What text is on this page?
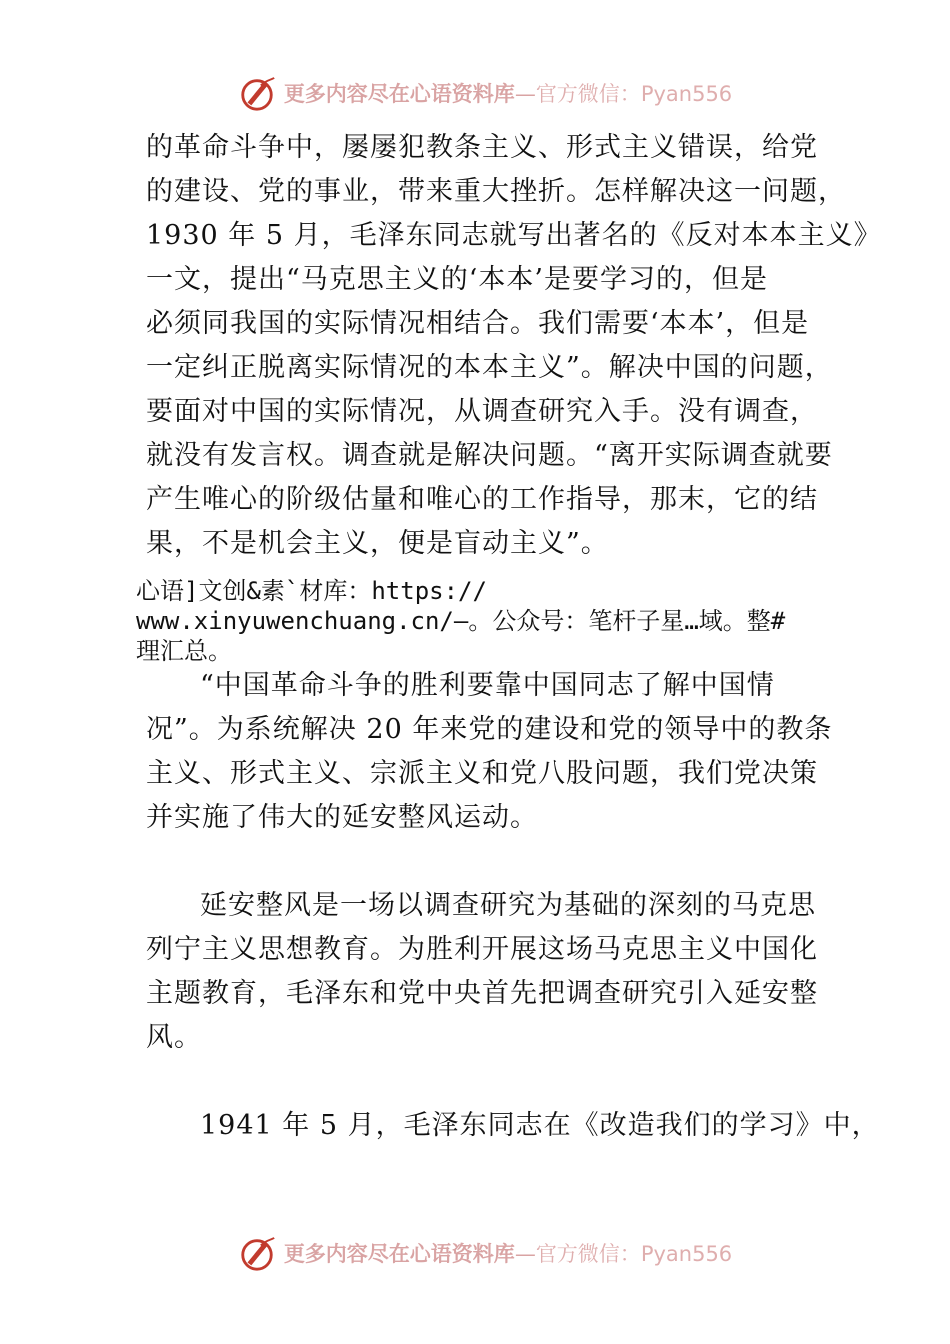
更多内容尽在心语资料库—官方微信：Pyan556
的革命斗争中，屡屡犯教条主义、形式主义错误，给党
的建设、党的事业，带来重大挫折。怎样解决这一问题，
1930 年 5 月，毛泽东同志就写出著名的《反对本本主义》
一文，提出“马克思主义的‘本本’是要学习的，但是
必须同我国的实际情况相结合。我们需要‘本本’，但是
一定纠正脱离实际情况的本本主义”。解决中国的问题，
要面对中国的实际情况，从调查研究入手。没有调查，
就没有发言权。调查就是解决问题。“离开实际调查就要
产生唯心的阶级估量和唯心的工作指导，那末，它的结
果，不是机会主义，便是盲动主义”。
心语]文创&素`材库：https://
www.xinyuwenchuang.cn/—。公众号：笔杆子星…域。整#
理汇总。
“中国革命斗争的胜利要靠中国同志了解中国情
况”。为系统解决 20 年来党的建设和党的领导中的教条
主义、形式主义、宗派主义和党八股问题，我们党决策
并实施了伟大的延安整风运动。
延安整风是一场以调查研究为基础的深刻的马克思
列宁主义思想教育。为胜利开展这场马克思主义中国化
主题教育，毛泽东和党中央首先把调查研究引入延安整
风。
1941 年 5 月，毛泽东同志在《改造我们的学习》中，
更多内容尽在心语资料库—官方微信：Pyan556
